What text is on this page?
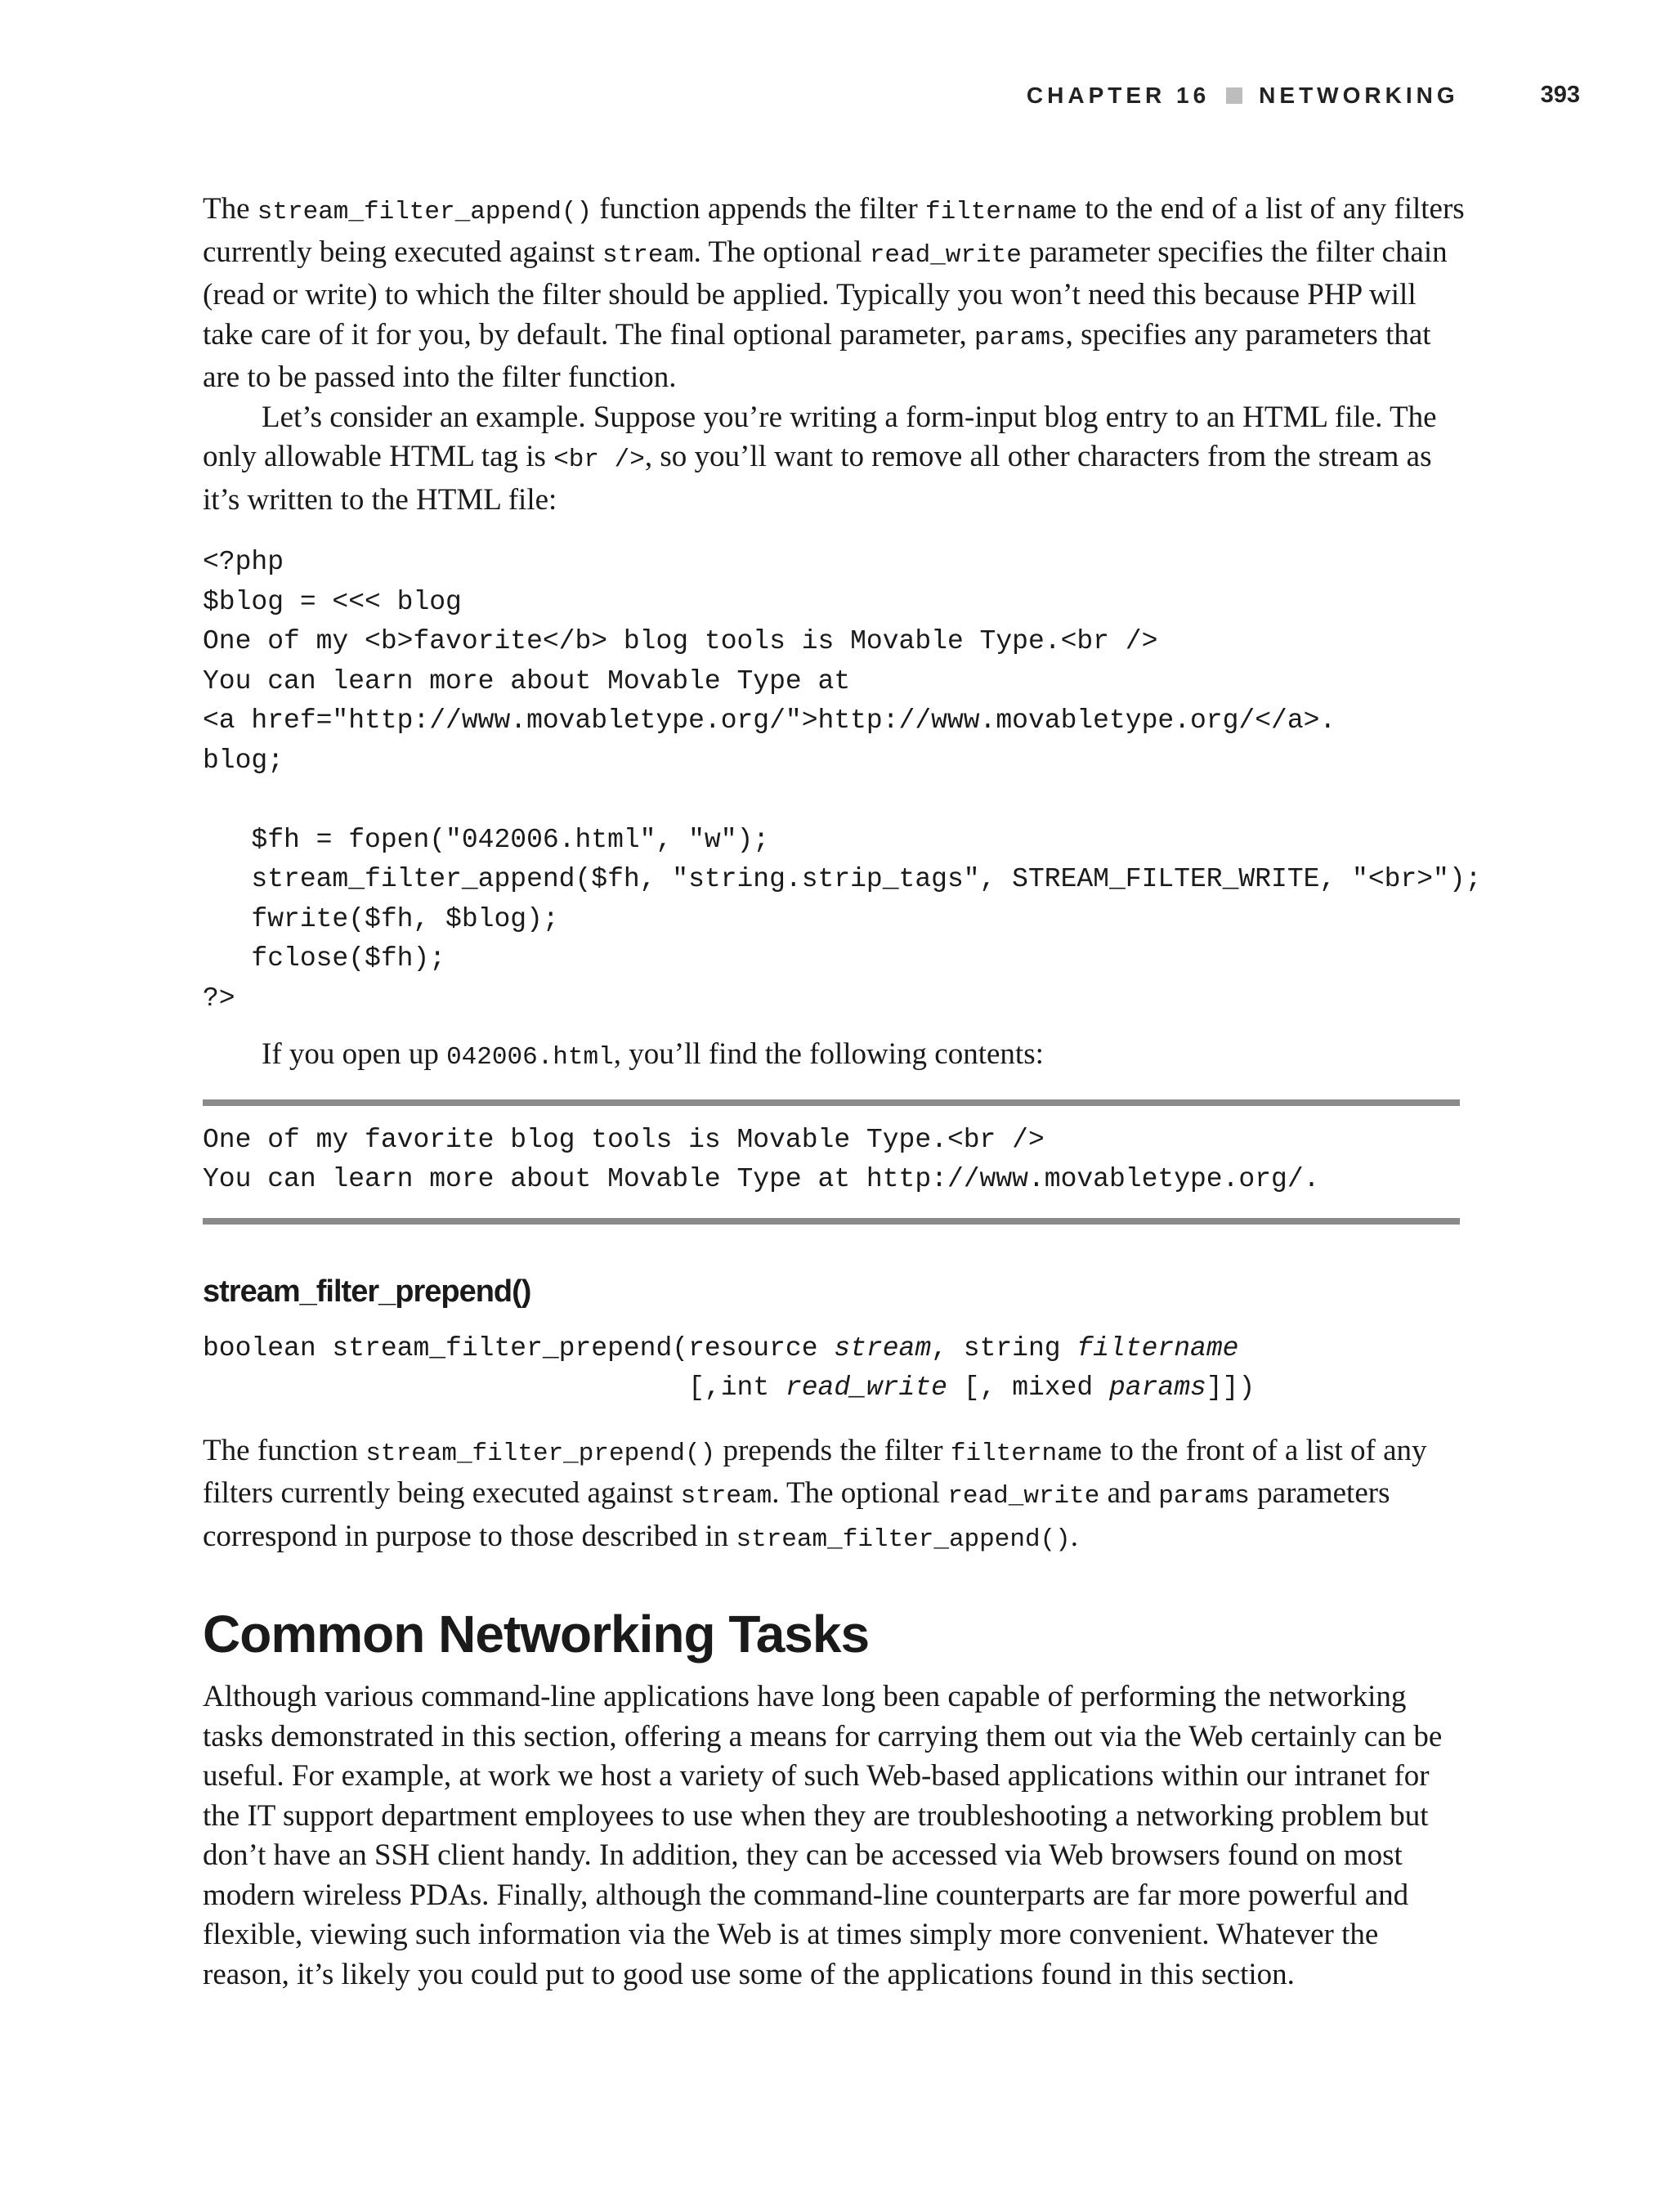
CHAPTER 16 NETWORKING	393

The stream_filter_append() function appends the filter filtername to the end of a list of any filters currently being executed against stream. The optional read_write parameter specifies the filter chain (read or write) to which the filter should be applied. Typically you won’t need this because PHP will take care of it for you, by default. The final optional parameter, params, specifies any parameters that are to be passed into the filter function.

Let’s consider an example. Suppose you’re writing a form-input blog entry to an HTML file. The only allowable HTML tag is <br />, so you’ll want to remove all other characters from the stream as it’s written to the HTML file:

<?php
$blog = <<< blog
One of my <b>favorite</b> blog tools is Movable Type.<br />
You can learn more about Movable Type at
<a href="http://www.movabletype.org/">http://www.movabletype.org/</a>.
blog;

$fh = fopen("042006.html", "w");
stream_filter_append($fh, "string.strip_tags", STREAM_FILTER_WRITE, "<br>");
fwrite($fh, $blog);
fclose($fh);
?>

If you open up 042006.html, you’ll find the following contents:

One of my favorite blog tools is Movable Type.<br />
You can learn more about Movable Type at http://www.movabletype.org/.
stream_filter_prepend()
boolean stream_filter_prepend(resource stream, string filtername
[,int read_write [, mixed params]])

The function stream_filter_prepend() prepends the filter filtername to the front of a list of any filters currently being executed against stream. The optional read_write and params parameters correspond in purpose to those described in stream_filter_append().

Common Networking Tasks

Although various command-line applications have long been capable of performing the networking tasks demonstrated in this section, offering a means for carrying them out via the Web certainly can be useful. For example, at work we host a variety of such Web-based applications within our intranet for the IT support department employees to use when they are troubleshooting a networking problem but don’t have an SSH client handy. In addition, they can be accessed via Web browsers found on most modern wireless PDAs. Finally, although the command-line counterparts are far more powerful and flexible, viewing such information via the Web is at times simply more convenient. Whatever the reason, it’s likely you could put to good use some of the applications found in this section.
